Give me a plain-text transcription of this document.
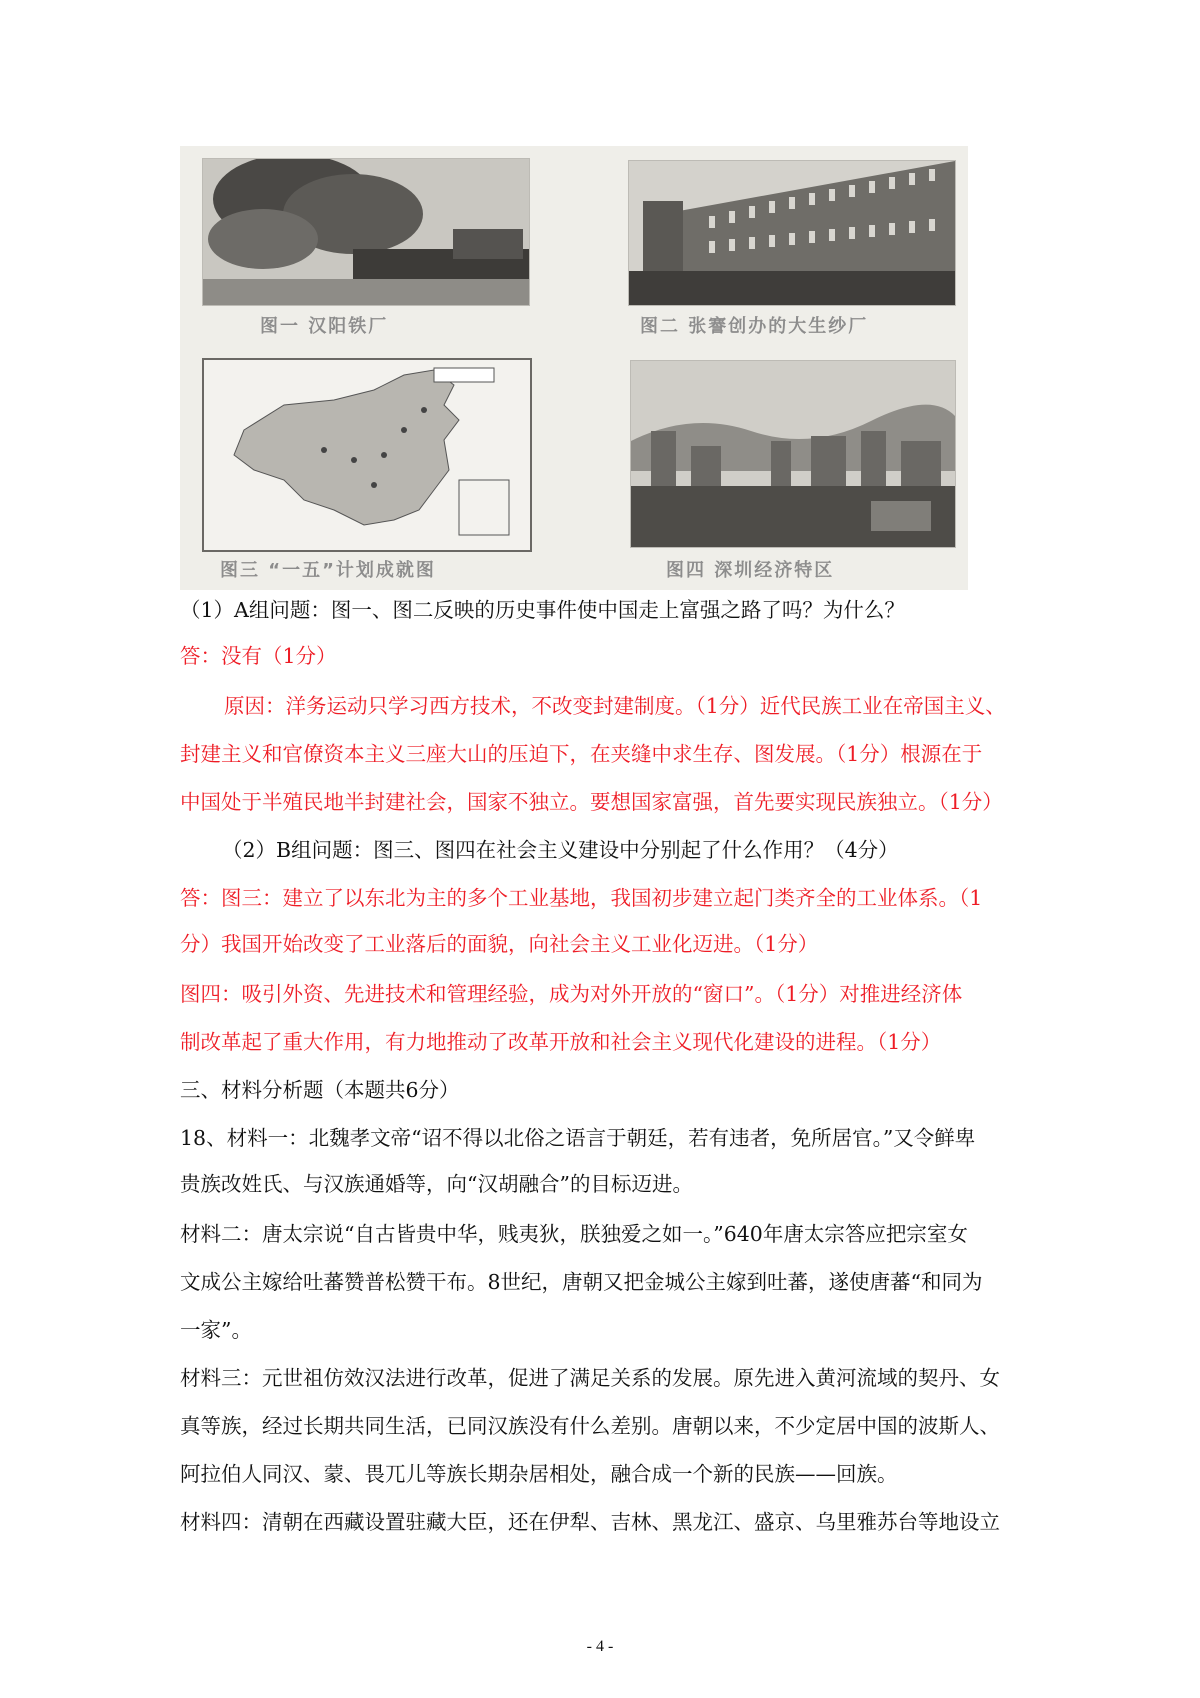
图一 汉阳铁厂	图二 张謇创办的大生纱厂
图三 “一五”计划成就图	图四 深圳经济特区
（1）A组问题：图一、图二反映的历史事件使中国走上富强之路了吗？为什么？
答：没有（1分）
原因：洋务运动只学习西方技术，不改变封建制度。（1分）近代民族工业在帝国主义、
封建主义和官僚资本主义三座大山的压迫下，在夹缝中求生存、图发展。（1分）根源在于
中国处于半殖民地半封建社会，国家不独立。要想国家富强，首先要实现民族独立。（1分）
（2）B组问题：图三、图四在社会主义建设中分别起了什么作用？（4分）
答：图三：建立了以东北为主的多个工业基地，我国初步建立起门类齐全的工业体系。（1
分）我国开始改变了工业落后的面貌，向社会主义工业化迈进。（1分）
图四：吸引外资、先进技术和管理经验，成为对外开放的“窗口”。（1分）对推进经济体
制改革起了重大作用，有力地推动了改革开放和社会主义现代化建设的进程。（1分）
三、材料分析题（本题共6分）
18、材料一：北魏孝文帝“诏不得以北俗之语言于朝廷，若有违者，免所居官。”又令鲜卑
贵族改姓氏、与汉族通婚等，向“汉胡融合”的目标迈进。
材料二：唐太宗说“自古皆贵中华，贱夷狄，朕独爱之如一。”640年唐太宗答应把宗室女
文成公主嫁给吐蕃赞普松赞干布。8世纪，唐朝又把金城公主嫁到吐蕃，遂使唐蕃“和同为
一家”。
材料三：元世祖仿效汉法进行改革，促进了满足关系的发展。原先进入黄河流域的契丹、女
真等族，经过长期共同生活，已同汉族没有什么差别。唐朝以来，不少定居中国的波斯人、
阿拉伯人同汉、蒙、畏兀儿等族长期杂居相处，融合成一个新的民族——回族。
材料四：清朝在西藏设置驻藏大臣，还在伊犁、吉林、黑龙江、盛京、乌里雅苏台等地设立
- 4 -
